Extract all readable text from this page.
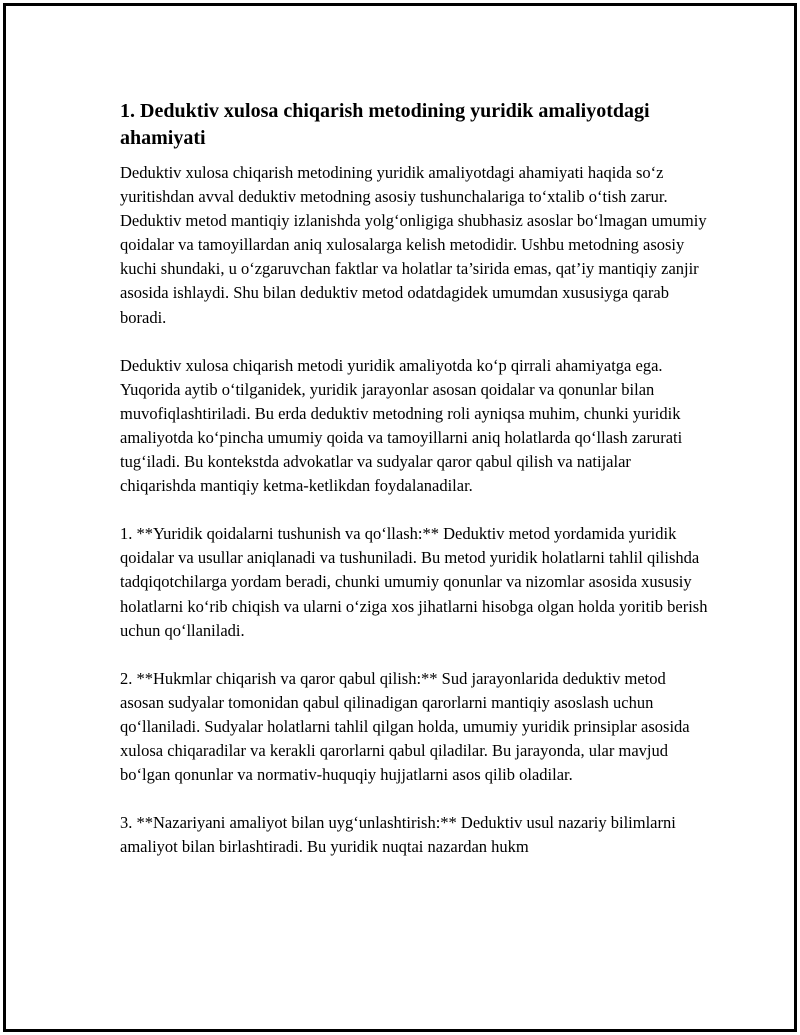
1. Deduktiv xulosa chiqarish metodining yuridik amaliyotdagi ahamiyati

Deduktiv xulosa chiqarish metodining yuridik amaliyotdagi ahamiyati haqida so‘z yuritishdan avval deduktiv metodning asosiy tushunchalariga to‘xtalib o‘tish zarur. Deduktiv metod mantiqiy izlanishda yolg‘onligiga shubhasiz asoslar bo‘lmagan umumiy qoidalar va tamoyillardan aniq xulosalarga kelish metodidir. Ushbu metodning asosiy kuchi shundaki, u o‘zgaruvchan faktlar va holatlar ta’sirida emas, qat’iy mantiqiy zanjir asosida ishlaydi. Shu bilan deduktiv metod odatdagidek umumdan xususiyga qarab boradi.

Deduktiv xulosa chiqarish metodi yuridik amaliyotda ko‘p qirrali ahamiyatga ega. Yuqorida aytib o‘tilganidek, yuridik jarayonlar asosan qoidalar va qonunlar bilan muvofiqlashtiriladi. Bu erda deduktiv metodning roli ayniqsa muhim, chunki yuridik amaliyotda ko‘pincha umumiy qoida va tamoyillarni aniq holatlarda qo‘llash zarurati tug‘iladi. Bu kontekstda advokatlar va sudyalar qaror qabul qilish va natijalar chiqarishda mantiqiy ketma-ketlikdan foydalanadilar.

1. **Yuridik qoidalarni tushunish va qo‘llash:** Deduktiv metod yordamida yuridik qoidalar va usullar aniqlanadi va tushuniladi. Bu metod yuridik holatlarni tahlil qilishda tadqiqotchilarga yordam beradi, chunki umumiy qonunlar va nizomlar asosida xususiy holatlarni ko‘rib chiqish va ularni o‘ziga xos jihatlarni hisobga olgan holda yoritib berish uchun qo‘llaniladi.

2. **Hukmlar chiqarish va qaror qabul qilish:** Sud jarayonlarida deduktiv metod asosan sudyalar tomonidan qabul qilinadigan qarorlarni mantiqiy asoslash uchun qo‘llaniladi. Sudyalar holatlarni tahlil qilgan holda, umumiy yuridik prinsiplar asosida xulosa chiqaradilar va kerakli qarorlarni qabul qiladilar. Bu jarayonda, ular mavjud bo‘lgan qonunlar va normativ-huquqiy hujjatlarni asos qilib oladilar.

3. **Nazariyani amaliyot bilan uyg‘unlashtirish:** Deduktiv usul nazariy bilimlarni amaliyot bilan birlashtiradi. Bu yuridik nuqtai nazardan hukm
